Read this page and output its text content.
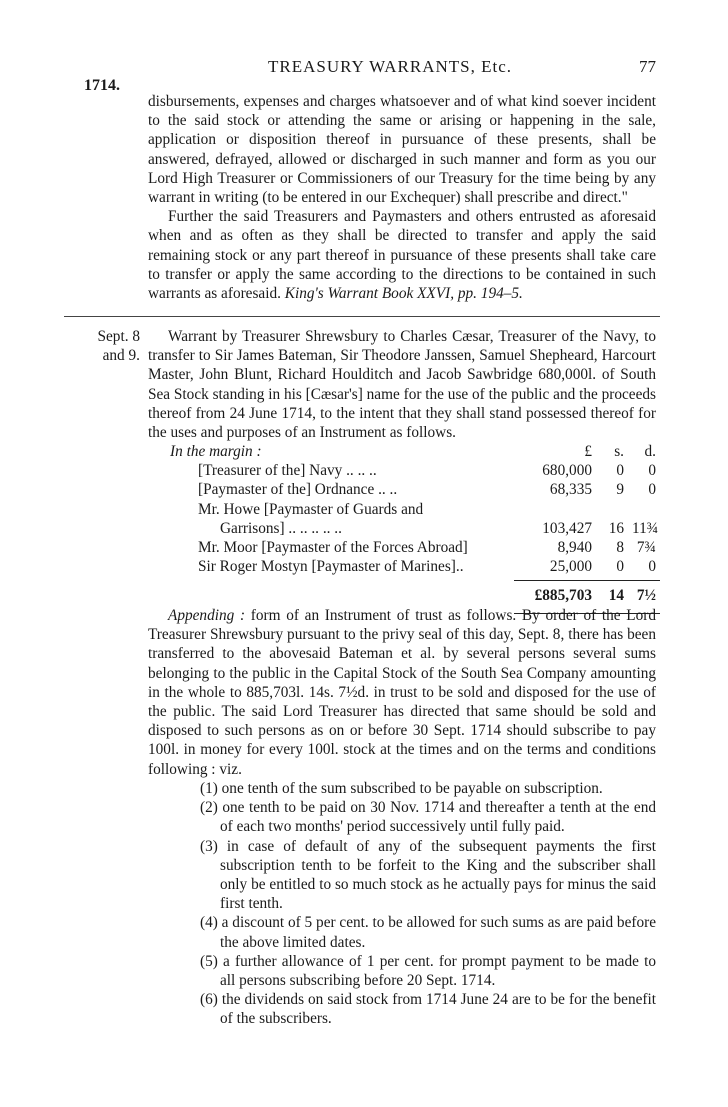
TREASURY WARRANTS, Etc.	77
1714.

disbursements, expenses and charges whatsoever and of what kind soever incident to the said stock or attending the same or arising or happening in the sale, application or disposition thereof in pursuance of these presents, shall be answered, defrayed, allowed or discharged in such manner and form as you our Lord High Treasurer or Commissioners of our Treasury for the time being by any warrant in writing (to be entered in our Exchequer) shall prescribe and direct."

Further the said Treasurers and Paymasters and others entrusted as aforesaid when and as often as they shall be directed to transfer and apply the said remaining stock or any part thereof in pursuance of these presents shall take care to transfer or apply the same according to the directions to be contained in such warrants as aforesaid. King's Warrant Book XXVI, pp. 194–5.

Sept. 8 and 9.

Warrant by Treasurer Shrewsbury to Charles Cæsar, Treasurer of the Navy, to transfer to Sir James Bateman, Sir Theodore Janssen, Samuel Shepheard, Harcourt Master, John Blunt, Richard Houlditch and Jacob Sawbridge 680,000l. of South Sea Stock standing in his [Cæsar's] name for the use of the public and the proceeds thereof from 24 June 1714, to the intent that they shall stand possessed thereof for the uses and purposes of an Instrument as follows.

In the margin :	£	s.	d.
[Treasurer of the] Navy .. .. ..	680,000	0	0
[Paymaster of the] Ordnance .. ..	68,335	9	0
Mr. Howe [Paymaster of Guards and
Garrisons] .. .. .. .. ..	103,427	16 11¾
Mr. Moor [Paymaster of the Forces Abroad]	8,940	8 7¾
Sir Roger Mostyn [Paymaster of Marines]..	25,000	0	0
£885,703	14 7½

Appending : form of an Instrument of trust as follows. By order of the Lord Treasurer Shrewsbury pursuant to the privy seal of this day, Sept. 8, there has been transferred to the abovesaid Bateman et al. by several persons several sums belonging to the public in the Capital Stock of the South Sea Company amounting in the whole to 885,703l. 14s. 7½d. in trust to be sold and disposed for the use of the public. The said Lord Treasurer has directed that same should be sold and disposed to such persons as on or before 30 Sept. 1714 should subscribe to pay 100l. in money for every 100l. stock at the times and on the terms and conditions following : viz.

(1) one tenth of the sum subscribed to be payable on subscription.

(2) one tenth to be paid on 30 Nov. 1714 and thereafter a tenth at the end of each two months' period successively until fully paid.

(3) in case of default of any of the subsequent payments the first subscription tenth to be forfeit to the King and the subscriber shall only be entitled to so much stock as he actually pays for minus the said first tenth.

(4) a discount of 5 per cent. to be allowed for such sums as are paid before the above limited dates.

(5) a further allowance of 1 per cent. for prompt payment to be made to all persons subscribing before 20 Sept. 1714.

(6) the dividends on said stock from 1714 June 24 are to be for the benefit of the subscribers.
